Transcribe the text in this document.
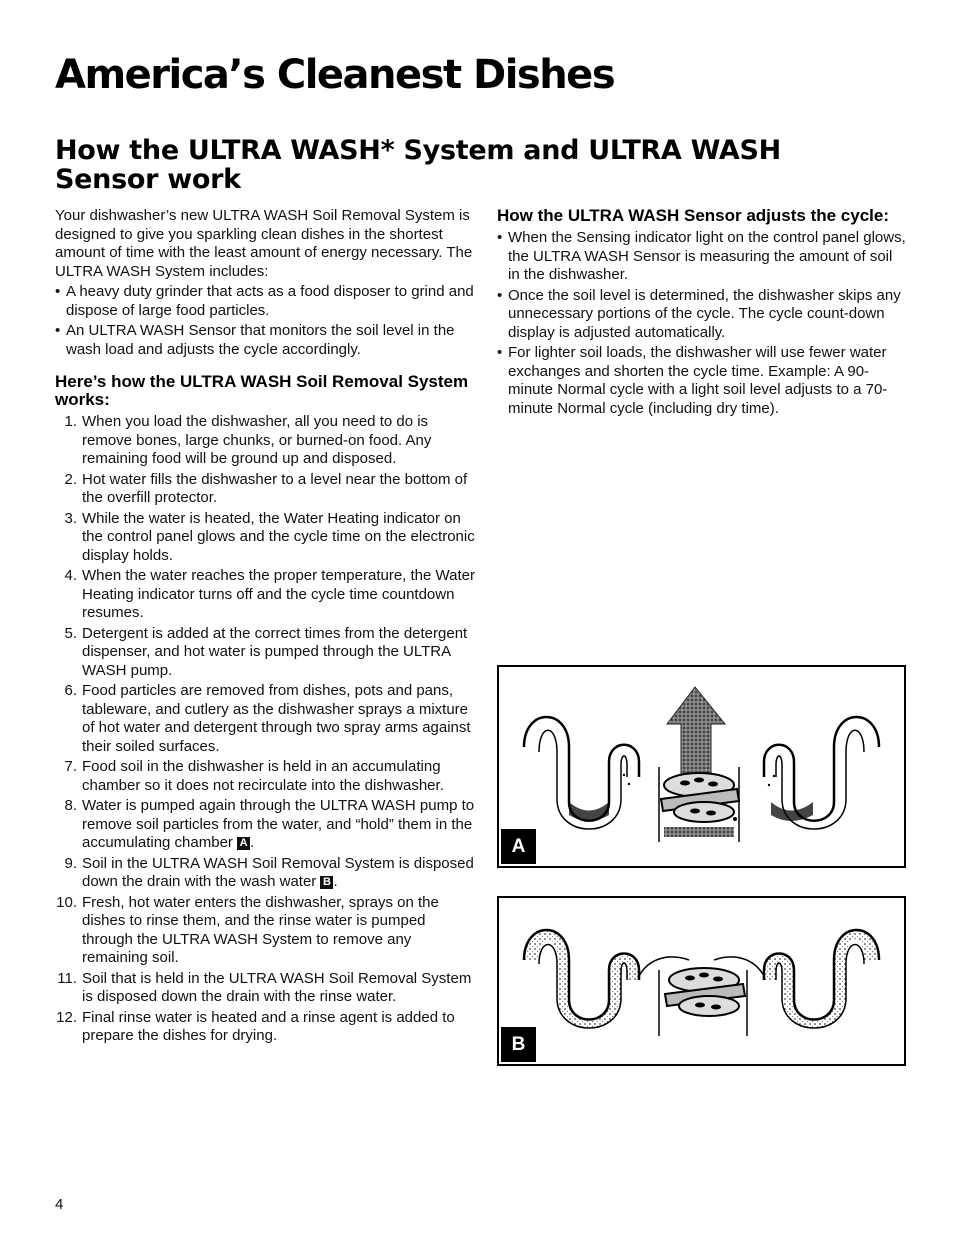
America’s Cleanest Dishes
How the ULTRA WASH* System and ULTRA WASH Sensor work

Your dishwasher’s new ULTRA WASH Soil Removal System is designed to give you sparkling clean dishes in the shortest amount of time with the least amount of energy necessary. The ULTRA WASH System includes:

• A heavy duty grinder that acts as a food disposer to grind and dispose of large food particles.
• An ULTRA WASH Sensor that monitors the soil level in the wash load and adjusts the cycle accordingly.
Here’s how the ULTRA WASH Soil Removal System works:
1. When you load the dishwasher, all you need to do is remove bones, large chunks, or burned-on food. Any remaining food will be ground up and disposed.
2. Hot water fills the dishwasher to a level near the bottom of the overfill protector.
3. While the water is heated, the Water Heating indicator on the control panel glows and the cycle time on the electronic display holds.
4. When the water reaches the proper temperature, the Water Heating indicator turns off and the cycle time countdown resumes.
5. Detergent is added at the correct times from the detergent dispenser, and hot water is pumped through the ULTRA WASH pump.
6. Food particles are removed from dishes, pots and pans, tableware, and cutlery as the dishwasher sprays a mixture of hot water and detergent through two spray arms against their soiled surfaces.
7. Food soil in the dishwasher is held in an accumulating chamber so it does not recirculate into the dishwasher.
8. Water is pumped again through the ULTRA WASH pump to remove soil particles from the water, and “hold” them in the accumulating chamber A .
9. Soil in the ULTRA WASH Soil Removal System is disposed down the drain with the wash water B .
10. Fresh, hot water enters the dishwasher, sprays on the dishes to rinse them, and the rinse water is pumped through the ULTRA WASH System to remove any remaining soil.
11. Soil that is held in the ULTRA WASH Soil Removal System is disposed down the drain with the rinse water.
12. Final rinse water is heated and a rinse agent is added to prepare the dishes for drying.
How the ULTRA WASH Sensor adjusts the cycle:
• When the Sensing indicator light on the control panel glows, the ULTRA WASH Sensor is measuring the amount of soil in the dishwasher.
• Once the soil level is determined, the dishwasher skips any unnecessary portions of the cycle. The cycle count-down display is adjusted automatically.
• For lighter soil loads, the dishwasher will use fewer water exchanges and shorten the cycle time. Example: A 90-minute Normal cycle with a light soil level adjusts to a 70-minute Normal cycle (including dry time).
A
B
4
